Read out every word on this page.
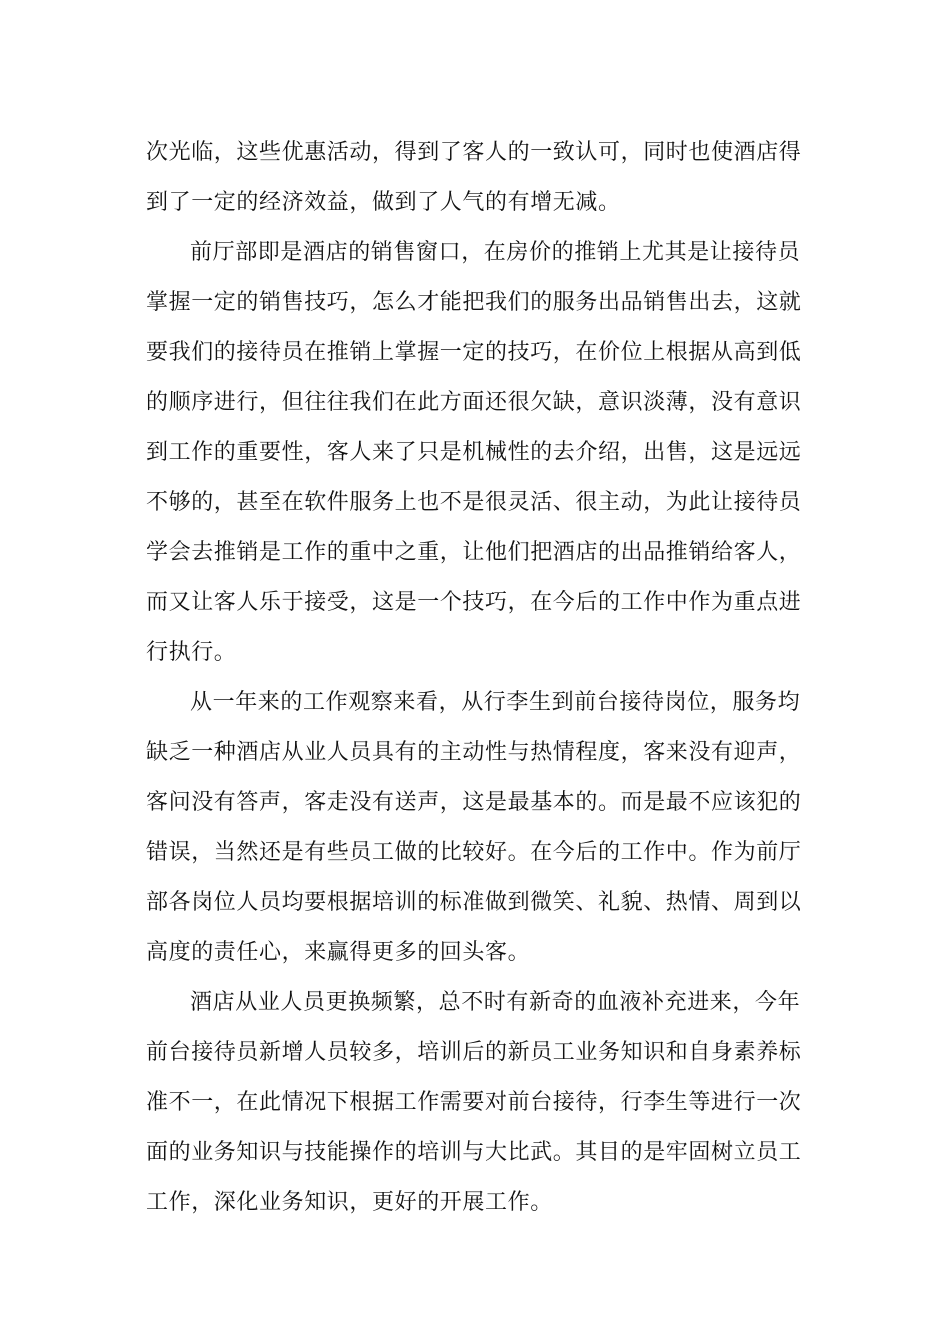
次光临，这些优惠活动，得到了客人的一致认可，同时也使酒店得
到了一定的经济效益，做到了人气的有增无减。
前厅部即是酒店的销售窗口，在房价的推销上尤其是让接待员
掌握一定的销售技巧，怎么才能把我们的服务出品销售出去，这就
要我们的接待员在推销上掌握一定的技巧，在价位上根据从高到低
的顺序进行，但往往我们在此方面还很欠缺，意识淡薄，没有意识
到工作的重要性，客人来了只是机械性的去介绍，出售，这是远远
不够的，甚至在软件服务上也不是很灵活、很主动，为此让接待员
学会去推销是工作的重中之重，让他们把酒店的出品推销给客人，
而又让客人乐于接受，这是一个技巧，在今后的工作中作为重点进
行执行。
从一年来的工作观察来看，从行李生到前台接待岗位，服务均
缺乏一种酒店从业人员具有的主动性与热情程度，客来没有迎声，
客问没有答声，客走没有送声，这是最基本的。而是最不应该犯的
错误，当然还是有些员工做的比较好。在今后的工作中。作为前厅
部各岗位人员均要根据培训的标准做到微笑、礼貌、热情、周到以
高度的责任心，来赢得更多的回头客。
酒店从业人员更换频繁，总不时有新奇的血液补充进来，今年
前台接待员新增人员较多，培训后的新员工业务知识和自身素养标
准不一，在此情况下根据工作需要对前台接待，行李生等进行一次
面的业务知识与技能操作的培训与大比武。其目的是牢固树立员工
工作，深化业务知识，更好的开展工作。
